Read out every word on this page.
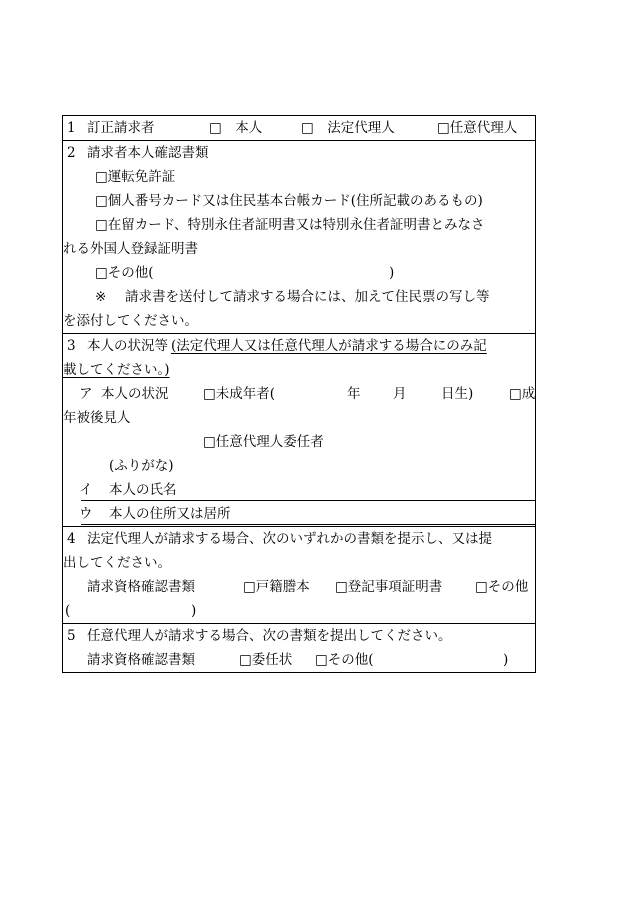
1 訂正請求者	□　本人	□　法定代理人	□任意代理人
2 請求者本人確認書類
□運転免許証
□個人番号カード又は住民基本台帳カード(住所記載のあるもの)
□在留カード、特別永住者証明書又は特別永住者証明書とみなさ
れる外国人登録証明書
□その他(	)
※ 請求書を送付して請求する場合には、加えて住民票の写し等
を添付してください。
3 本人の状況等 (法定代理人又は任意代理人が請求する場合にのみ記
載してください。)
ア 本人の状況	□未成年者(	年 月	日生)	□成
年被後見人
□任意代理人委任者
(ふりがな)
イ 本人の氏名
ウ 本人の住所又は居所
4 法定代理人が請求する場合、次のいずれかの書類を提示し、又は提
出してください。
請求資格確認書類	□戸籍謄本 □登記事項証明書 □その他
(	)
5 任意代理人が請求する場合、次の書類を提出してください。
請求資格確認書類	□委任状 □その他(	)
